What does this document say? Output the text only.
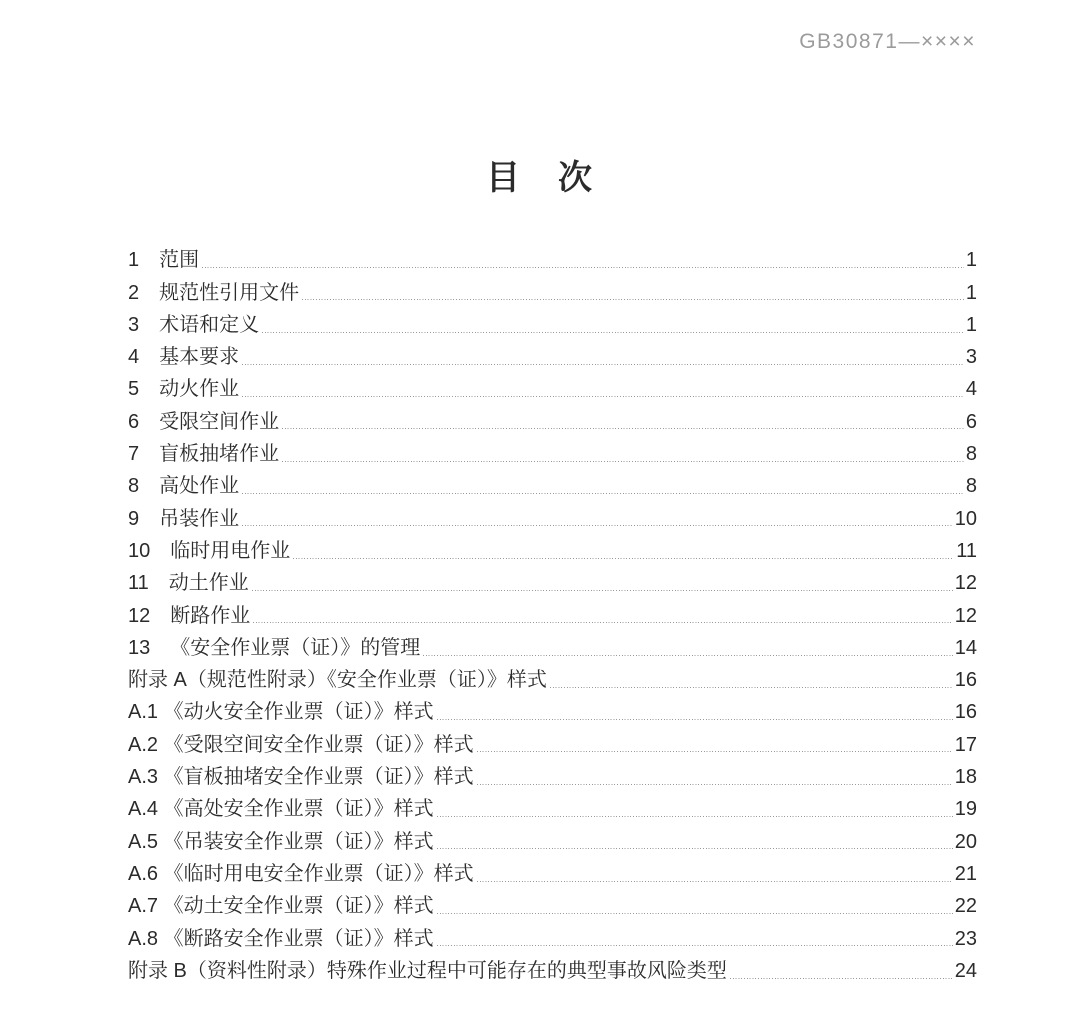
GB30871—××××
目　次
1 范围	1
2 规范性引用文件	1
3 术语和定义	1
4 基本要求	3
5 动火作业	4
6 受限空间作业	6
7 盲板抽堵作业	8
8 高处作业	8
9 吊装作业	10
10 临时用电作业	11
11 动土作业	12
12 断路作业	12
13 《安全作业票（证）》的管理	14
附录 A（规范性附录）《安全作业票（证）》样式	16
A.1 《动火安全作业票（证）》样式	16
A.2 《受限空间安全作业票（证）》样式	17
A.3 《盲板抽堵安全作业票（证）》样式	18
A.4 《高处安全作业票（证）》样式	19
A.5 《吊装安全作业票（证）》样式	20
A.6 《临时用电安全作业票（证）》样式	21
A.7 《动土安全作业票（证）》样式	22
A.8 《断路安全作业票（证）》样式	23
附录 B（资料性附录）特殊作业过程中可能存在的典型事故风险类型	24
